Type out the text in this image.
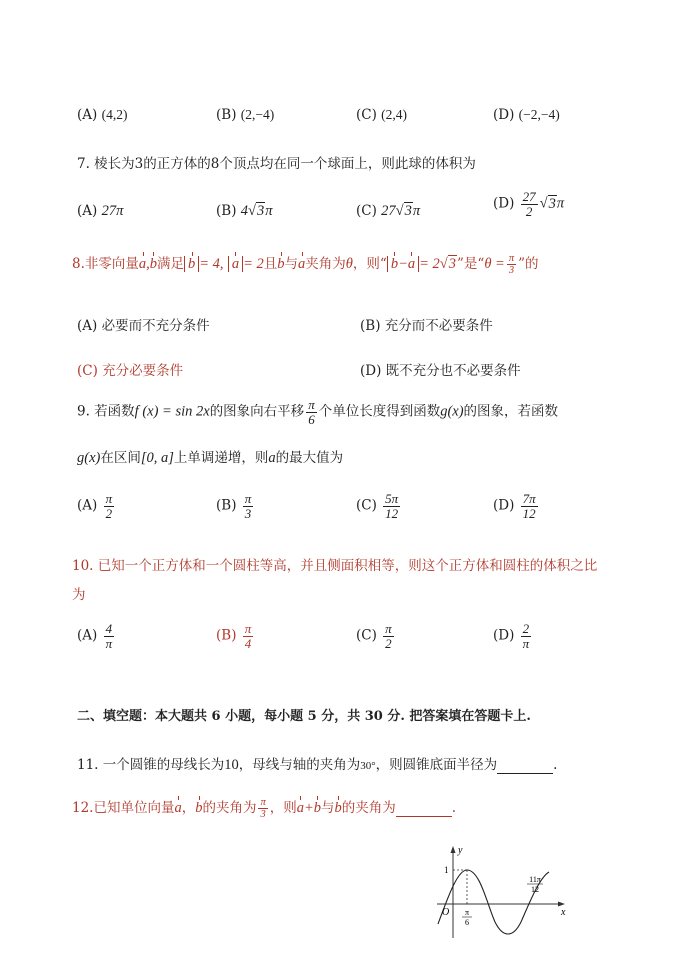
(A) (4,2)	(B) (2,−4)	(C) (2,4)	(D) (−2,−4)
7. 棱长为3的正方体的8个顶点均在同一个球面上，则此球的体积为
(A) 27π	(B) 4√3π	(C) 27√3π	$(D) \frac{27}{2} √3\pi$
8.非零向量a,b满足 b = 4, a = 2且b与a夹角为θ，则“ b−a = 2√3”是“$\theta = \frac{\pi}{3}$ ”的
(A) 必要而不充分条件	(B) 充分而不必要条件
(C) 充分必要条件	(D) 既不充分也不必要条件
9. 若函数f (x) = sin 2x的图象向右平移 $\frac{\pi}{6}$ 个单位长度得到函数g(x)的图象，若函数
g(x)在区间[0, a]上单调递增，则a的最大值为
$(A) \frac{\pi}{2}$	$(B) \frac{\pi}{3}$	$(C) \frac{5\pi}{12}$	$(D) \frac{7\pi}{12}$
10. 已知一个正方体和一个圆柱等高，并且侧面积相等，则这个正方体和圆柱的体积之比
为
$(A) \frac{4}{\pi}$	$(B) \frac{\pi}{4}$	$(C) \frac{\pi}{2}$	$(D) \frac{2}{\pi}$
二、填空题：本大题共 6 小题，每小题 5 分，共 30 分. 把答案填在答题卡上.
11. 一个圆锥的母线长为10，母线与轴的夹角为30°，则圆锥底面半径为	.
12.已知单位向量a，b的夹角为 $\frac{\pi}{3}$ ，则a+b与b的夹角为	.
y
x
1
O π
6
11π
12
